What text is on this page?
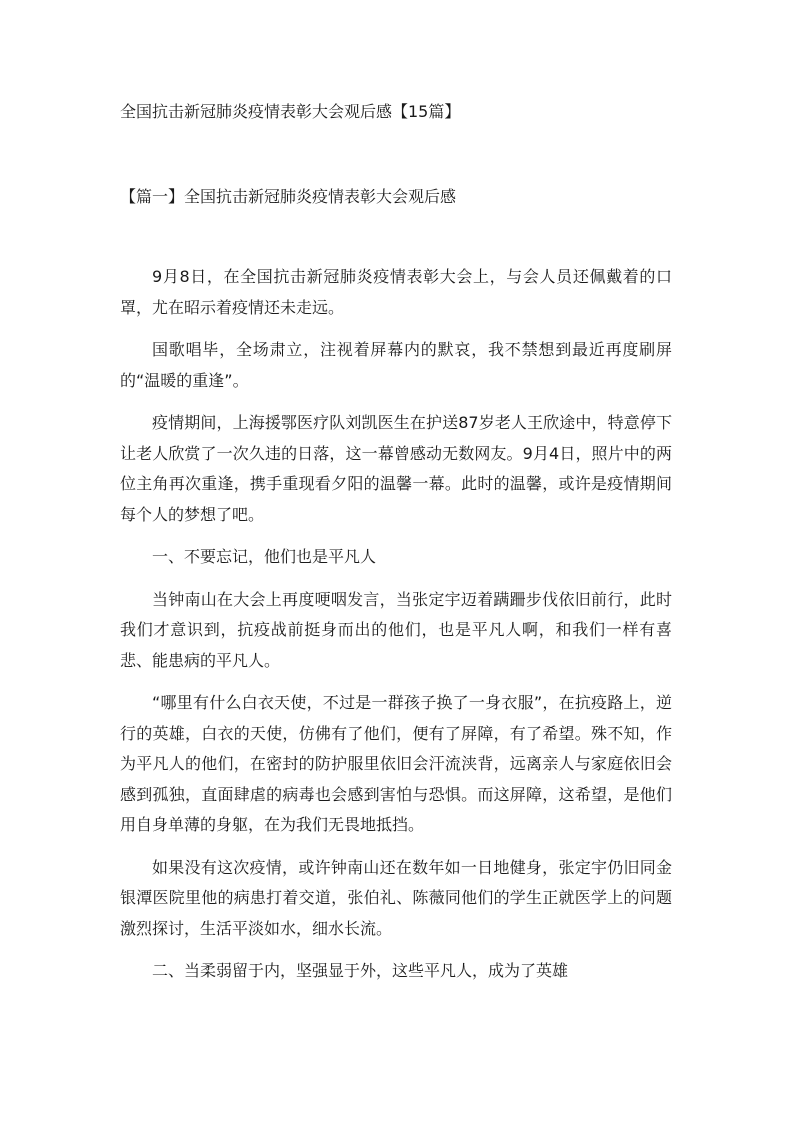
全国抗击新冠肺炎疫情表彰大会观后感【15篇】
【篇一】全国抗击新冠肺炎疫情表彰大会观后感

9月8日，在全国抗击新冠肺炎疫情表彰大会上，与会人员还佩戴着的口罩，尤在昭示着疫情还未走远。

国歌唱毕，全场肃立，注视着屏幕内的默哀，我不禁想到最近再度刷屏的“温暖的重逢”。

疫情期间，上海援鄂医疗队刘凯医生在护送87岁老人王欣途中，特意停下让老人欣赏了一次久违的日落，这一幕曾感动无数网友。9月4日，照片中的两位主角再次重逢，携手重现看夕阳的温馨一幕。此时的温馨，或许是疫情期间每个人的梦想了吧。

一、不要忘记，他们也是平凡人

当钟南山在大会上再度哽咽发言，当张定宇迈着蹒跚步伐依旧前行，此时我们才意识到，抗疫战前挺身而出的他们，也是平凡人啊，和我们一样有喜悲、能患病的平凡人。

“哪里有什么白衣天使，不过是一群孩子换了一身衣服”，在抗疫路上，逆行的英雄，白衣的天使，仿佛有了他们，便有了屏障，有了希望。殊不知，作为平凡人的他们，在密封的防护服里依旧会汗流浃背，远离亲人与家庭依旧会感到孤独，直面肆虐的病毒也会感到害怕与恐惧。而这屏障，这希望，是他们用自身单薄的身躯，在为我们无畏地抵挡。

如果没有这次疫情，或许钟南山还在数年如一日地健身，张定宇仍旧同金银潭医院里他的病患打着交道，张伯礼、陈薇同他们的学生正就医学上的问题激烈探讨，生活平淡如水，细水长流。

二、当柔弱留于内，坚强显于外，这些平凡人，成为了英雄
